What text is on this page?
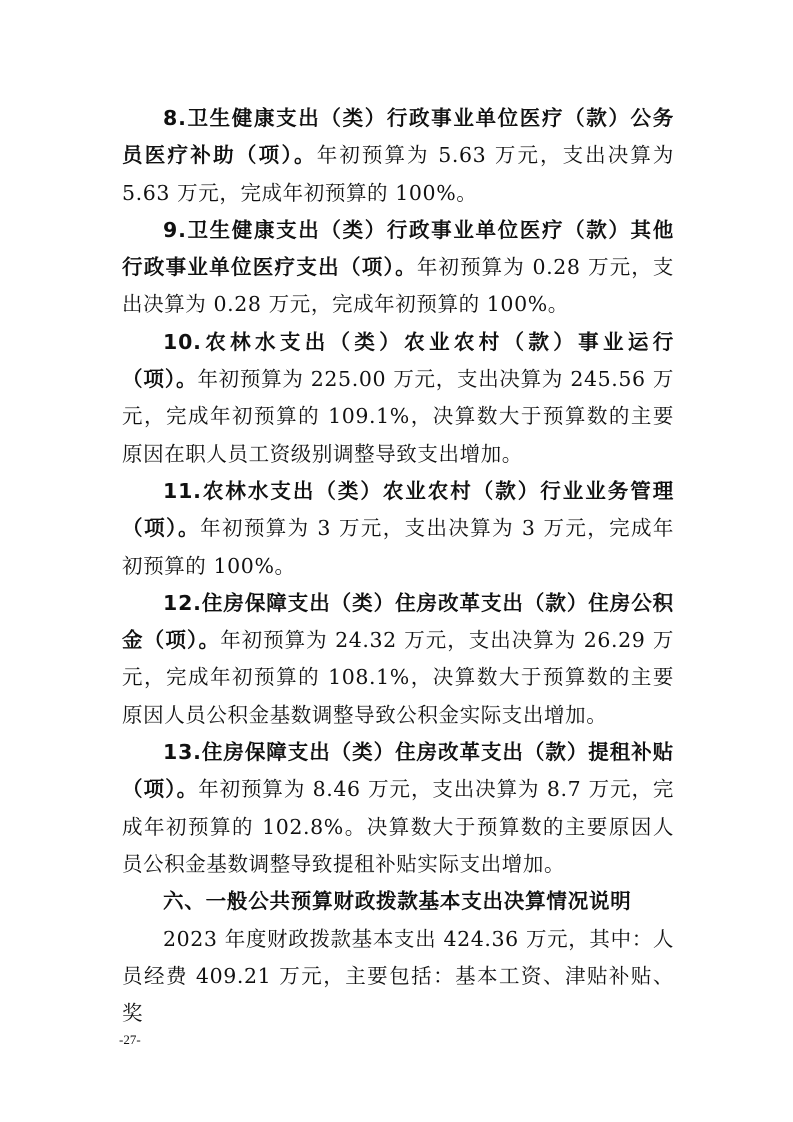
8.卫生健康支出（类）行政事业单位医疗（款）公务员医疗补助（项）。年初预算为 5.63 万元，支出决算为 5.63 万元，完成年初预算的 100%。

9.卫生健康支出（类）行政事业单位医疗（款）其他行政事业单位医疗支出（项）。年初预算为 0.28 万元，支出决算为 0.28 万元，完成年初预算的 100%。

10.农林水支出（类）农业农村（款）事业运行（项）。年初预算为 225.00 万元，支出决算为 245.56 万元，完成年初预算的 109.1%，决算数大于预算数的主要原因在职人员工资级别调整导致支出增加。

11.农林水支出（类）农业农村（款）行业业务管理（项）。年初预算为 3 万元，支出决算为 3 万元，完成年初预算的 100%。

12.住房保障支出（类）住房改革支出（款）住房公积金（项）。年初预算为 24.32 万元，支出决算为 26.29 万元，完成年初预算的 108.1%，决算数大于预算数的主要原因人员公积金基数调整导致公积金实际支出增加。

13.住房保障支出（类）住房改革支出（款）提租补贴（项）。年初预算为 8.46 万元，支出决算为 8.7 万元，完成年初预算的 102.8%。决算数大于预算数的主要原因人员公积金基数调整导致提租补贴实际支出增加。

六、一般公共预算财政拨款基本支出决算情况说明

2023 年度财政拨款基本支出 424.36 万元，其中：人员经费 409.21 万元，主要包括：基本工资、津贴补贴、奖

-27-
